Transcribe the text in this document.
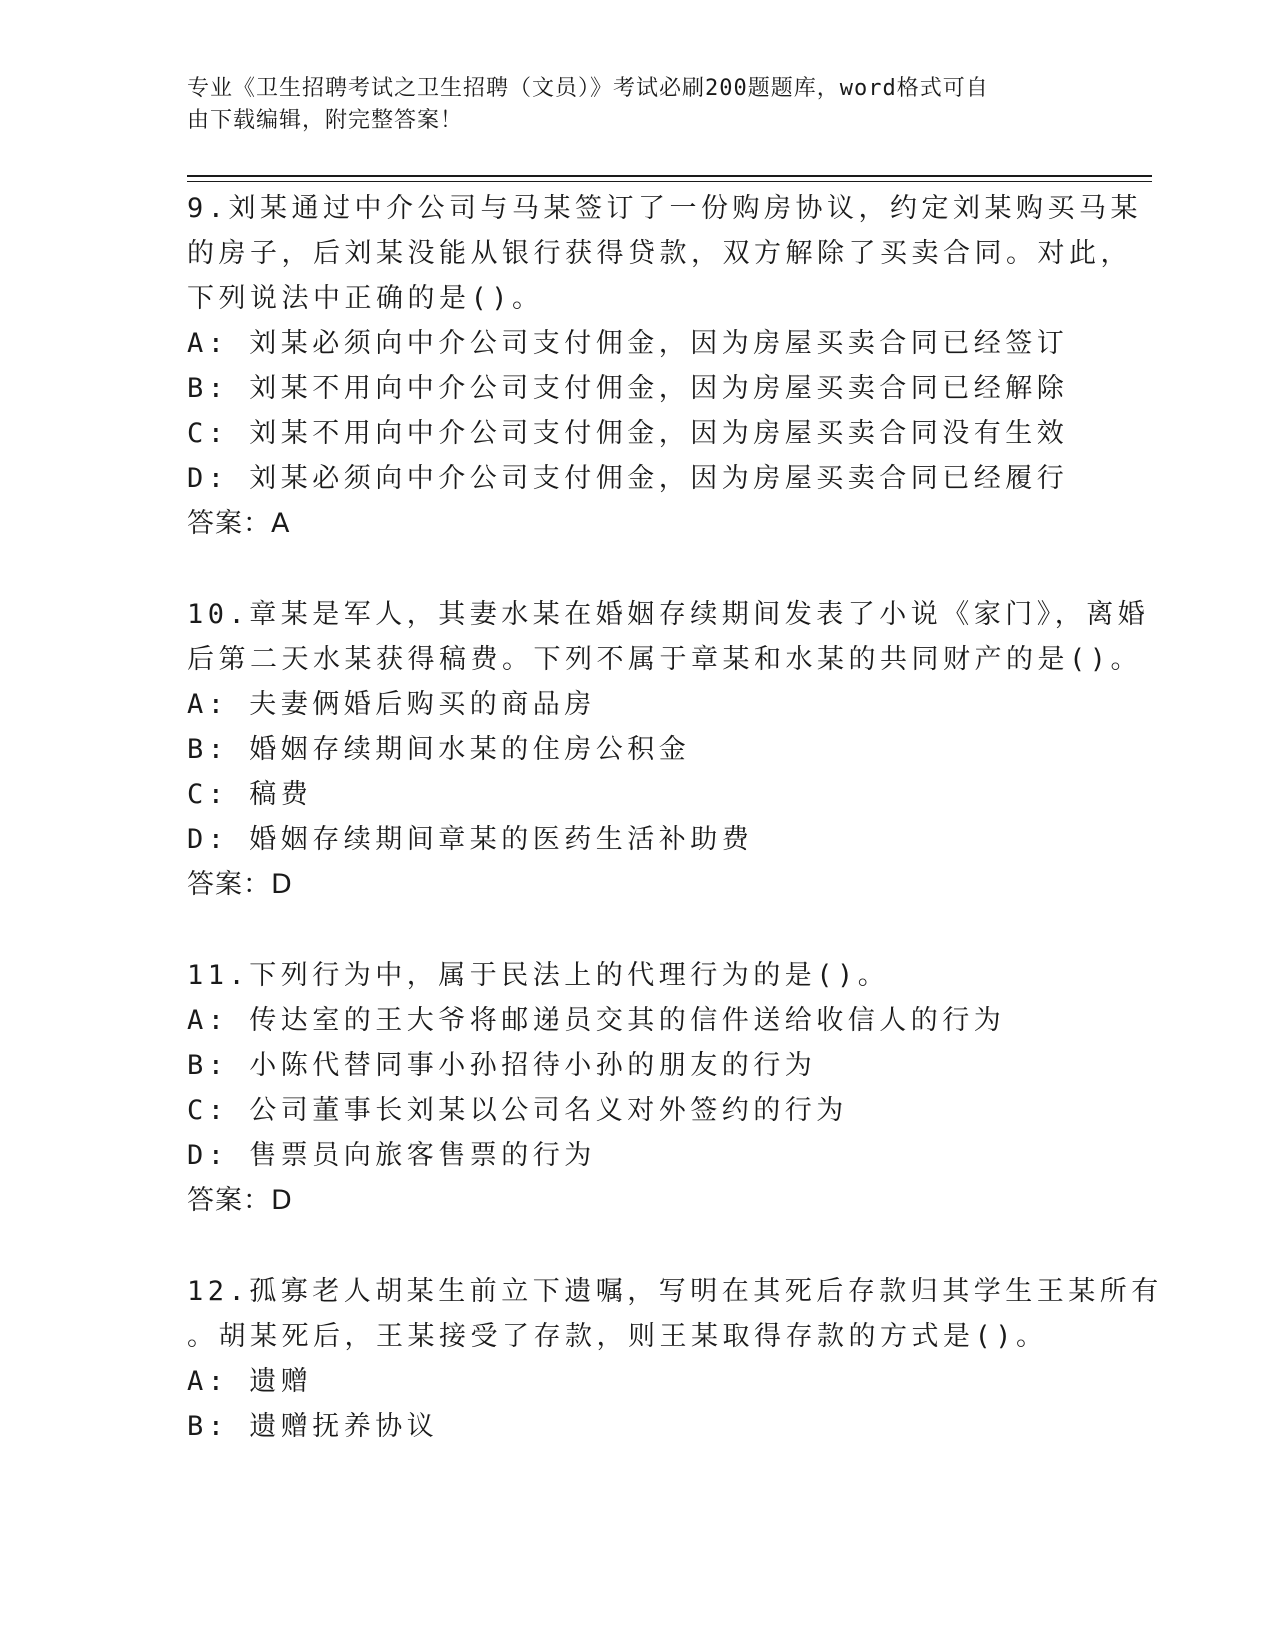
专业《卫生招聘考试之卫生招聘（文员）》考试必刷200题题库，word格式可自
由下载编辑，附完整答案！
9.刘某通过中介公司与马某签订了一份购房协议，约定刘某购买马某
的房子，后刘某没能从银行获得贷款，双方解除了买卖合同。对此，
下列说法中正确的是()。
A: 刘某必须向中介公司支付佣金，因为房屋买卖合同已经签订
B: 刘某不用向中介公司支付佣金，因为房屋买卖合同已经解除
C: 刘某不用向中介公司支付佣金，因为房屋买卖合同没有生效
D: 刘某必须向中介公司支付佣金，因为房屋买卖合同已经履行
答案：A
10.章某是军人，其妻水某在婚姻存续期间发表了小说《家门》，离婚
后第二天水某获得稿费。下列不属于章某和水某的共同财产的是()。
A: 夫妻俩婚后购买的商品房
B: 婚姻存续期间水某的住房公积金
C: 稿费
D: 婚姻存续期间章某的医药生活补助费
答案：D
11.下列行为中，属于民法上的代理行为的是()。
A: 传达室的王大爷将邮递员交其的信件送给收信人的行为
B: 小陈代替同事小孙招待小孙的朋友的行为
C: 公司董事长刘某以公司名义对外签约的行为
D: 售票员向旅客售票的行为
答案：D
12.孤寡老人胡某生前立下遗嘱，写明在其死后存款归其学生王某所有
。胡某死后，王某接受了存款，则王某取得存款的方式是()。
A: 遗赠
B: 遗赠抚养协议
